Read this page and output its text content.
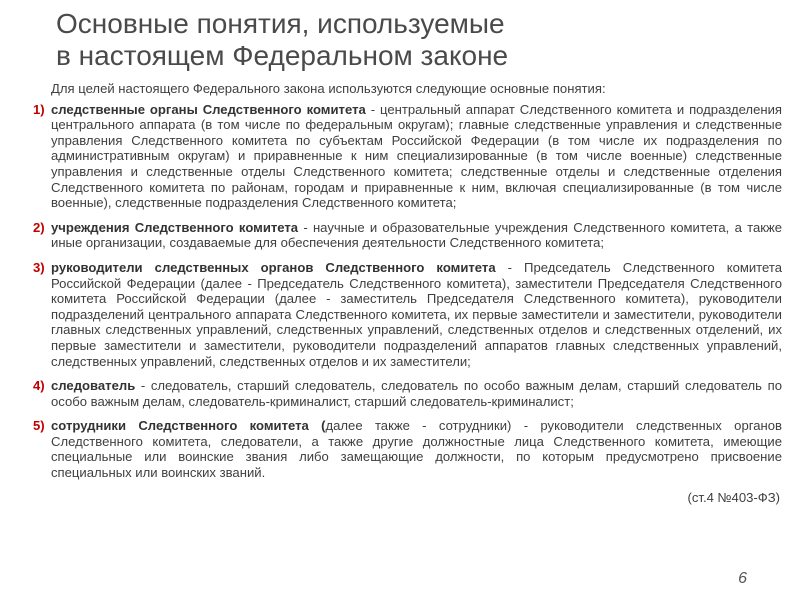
Основные понятия, используемые
в настоящем Федеральном законе

Для целей настоящего Федерального закона используются следующие основные понятия:

1) следственные органы Следственного комитета - центральный аппарат Следственного комитета и подразделения центрального аппарата (в том числе по федеральным округам); главные следственные управления и следственные управления Следственного комитета по субъектам Российской Федерации (в том числе их подразделения по административным округам) и приравненные к ним специализированные (в том числе военные) следственные управления и следственные отделы Следственного комитета; следственные отделы и следственные отделения Следственного комитета по районам, городам и приравненные к ним, включая специализированные (в том числе военные), следственные подразделения Следственного комитета;
2) учреждения Следственного комитета - научные и образовательные учреждения Следственного комитета, а также иные организации, создаваемые для обеспечения деятельности Следственного комитета;
3) руководители следственных органов Следственного комитета - Председатель Следственного комитета Российской Федерации (далее - Председатель Следственного комитета), заместители Председателя Следственного комитета Российской Федерации (далее - заместитель Председателя Следственного комитета), руководители подразделений центрального аппарата Следственного комитета, их первые заместители и заместители, руководители главных следственных управлений, следственных управлений, следственных отделов и следственных отделений, их первые заместители и заместители, руководители подразделений аппаратов главных следственных управлений, следственных управлений, следственных отделов и их заместители;
4) следователь - следователь, старший следователь, следователь по особо важным делам, старший следователь по особо важным делам, следователь-криминалист, старший следователь-криминалист;
5) сотрудники Следственного комитета (далее также - сотрудники) - руководители следственных органов Следственного комитета, следователи, а также другие должностные лица Следственного комитета, имеющие специальные или воинские звания либо замещающие должности, по которым предусмотрено присвоение специальных или воинских званий.
(ст.4 №403-ФЗ)
6
